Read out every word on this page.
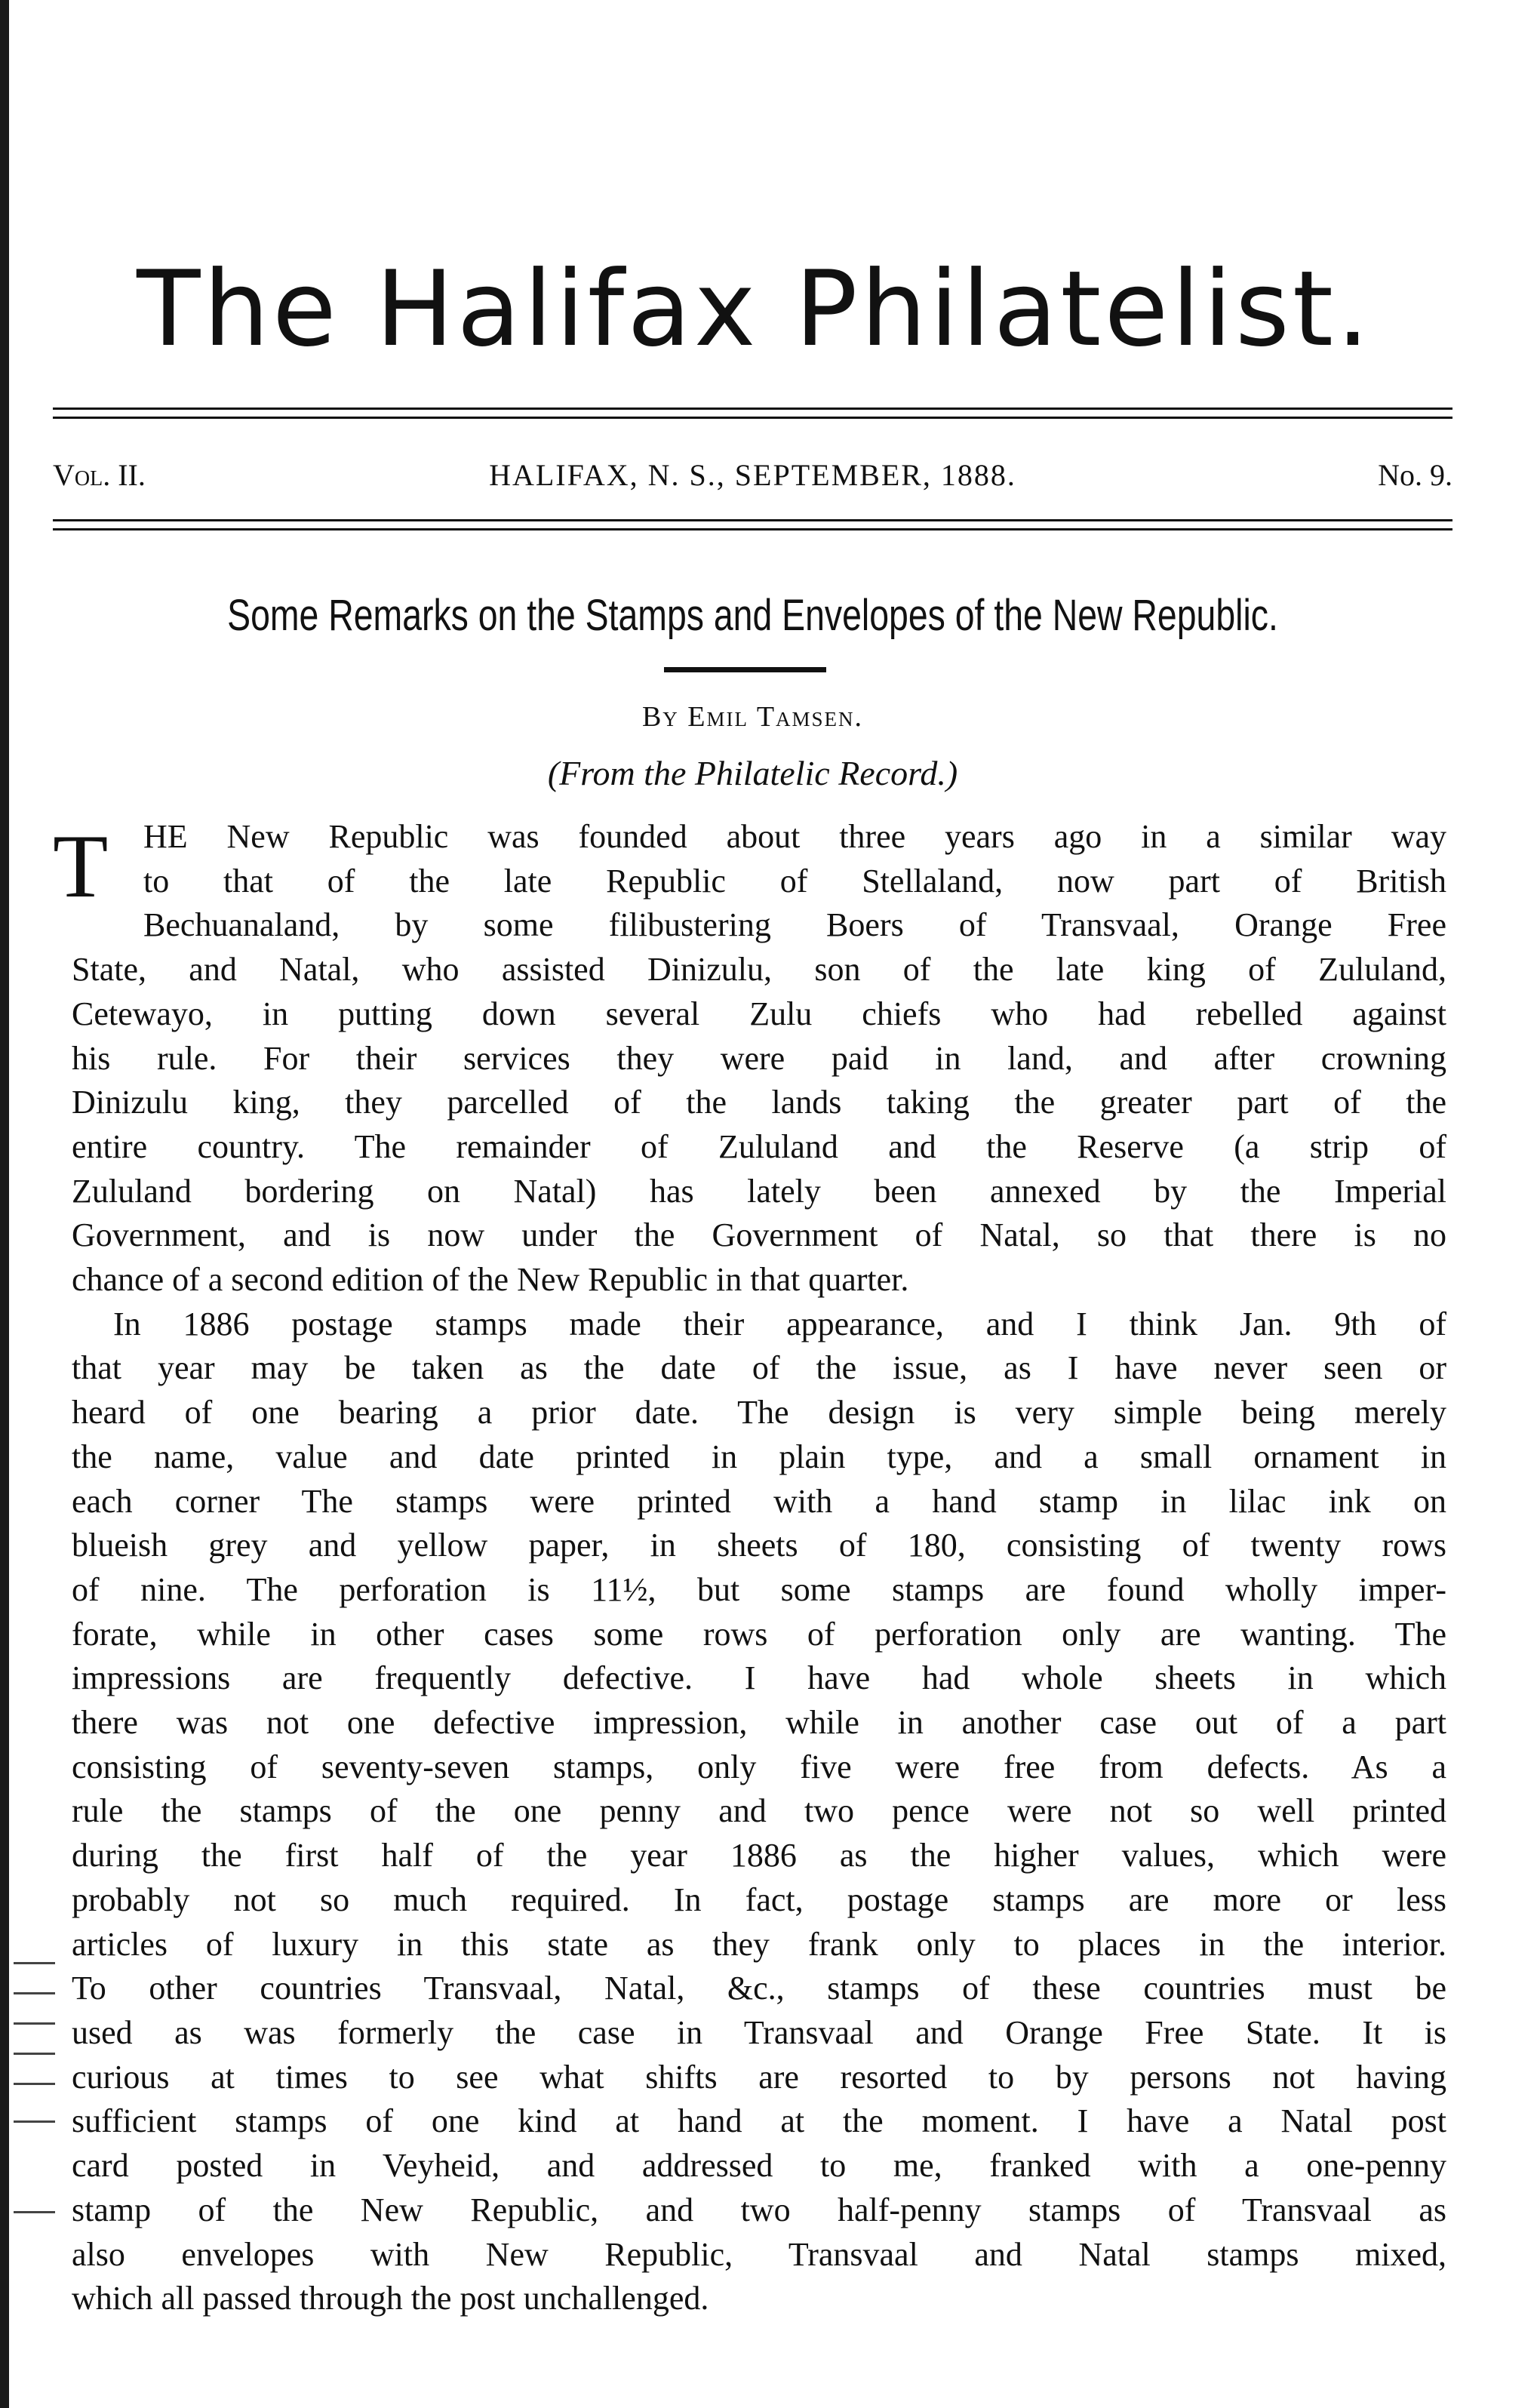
The Halifax Philatelist.
HALIFAX, N. S., SEPTEMBER, 1888.
Vol. II.	No. 9.
Some Remarks on the Stamps and Envelopes of the New Republic.
By Emil Tamsen.
(From the Philatelic Record.)
T	HE New Republic was founded about three years ago in a similar way
to that of the late Republic of Stellaland, now part of British
Bechuanaland, by some filibustering Boers of Transvaal, Orange Free
State, and Natal, who assisted Dinizulu, son of the late king of Zululand,
Cetewayo, in putting down several Zulu chiefs who had rebelled against
his rule. For their services they were paid in land, and after crowning
Dinizulu king, they parcelled of the lands taking the greater part of the
entire country. The remainder of Zululand and the Reserve (a strip of
Zululand bordering on Natal) has lately been annexed by the Imperial
Government, and is now under the Government of Natal, so that there is no
chance of a second edition of the New Republic in that quarter.
In 1886 postage stamps made their appearance, and I think Jan. 9th of
that year may be taken as the date of the issue, as I have never seen or
heard of one bearing a prior date. The design is very simple being merely
the name, value and date printed in plain type, and a small ornament in
each corner The stamps were printed with a hand stamp in lilac ink on
blueish grey and yellow paper, in sheets of 180, consisting of twenty rows
of nine. The perforation is 11½, but some stamps are found wholly imper-
forate, while in other cases some rows of perforation only are wanting. The
impressions are frequently defective. I have had whole sheets in which
there was not one defective impression, while in another case out of a part
consisting of seventy-seven stamps, only five were free from defects. As a
rule the stamps of the one penny and two pence were not so well printed
during the first half of the year 1886 as the higher values, which were
probably not so much required. In fact, postage stamps are more or less
articles of luxury in this state as they frank only to places in the interior.
To other countries Transvaal, Natal, &c., stamps of these countries must be
used as was formerly the case in Transvaal and Orange Free State. It is
curious at times to see what shifts are resorted to by persons not having
sufficient stamps of one kind at hand at the moment. I have a Natal post
card posted in Veyheid, and addressed to me, franked with a one-penny
stamp of the New Republic, and two half-penny stamps of Transvaal as
also envelopes with New Republic, Transvaal and Natal stamps mixed,
which all passed through the post unchallenged.
